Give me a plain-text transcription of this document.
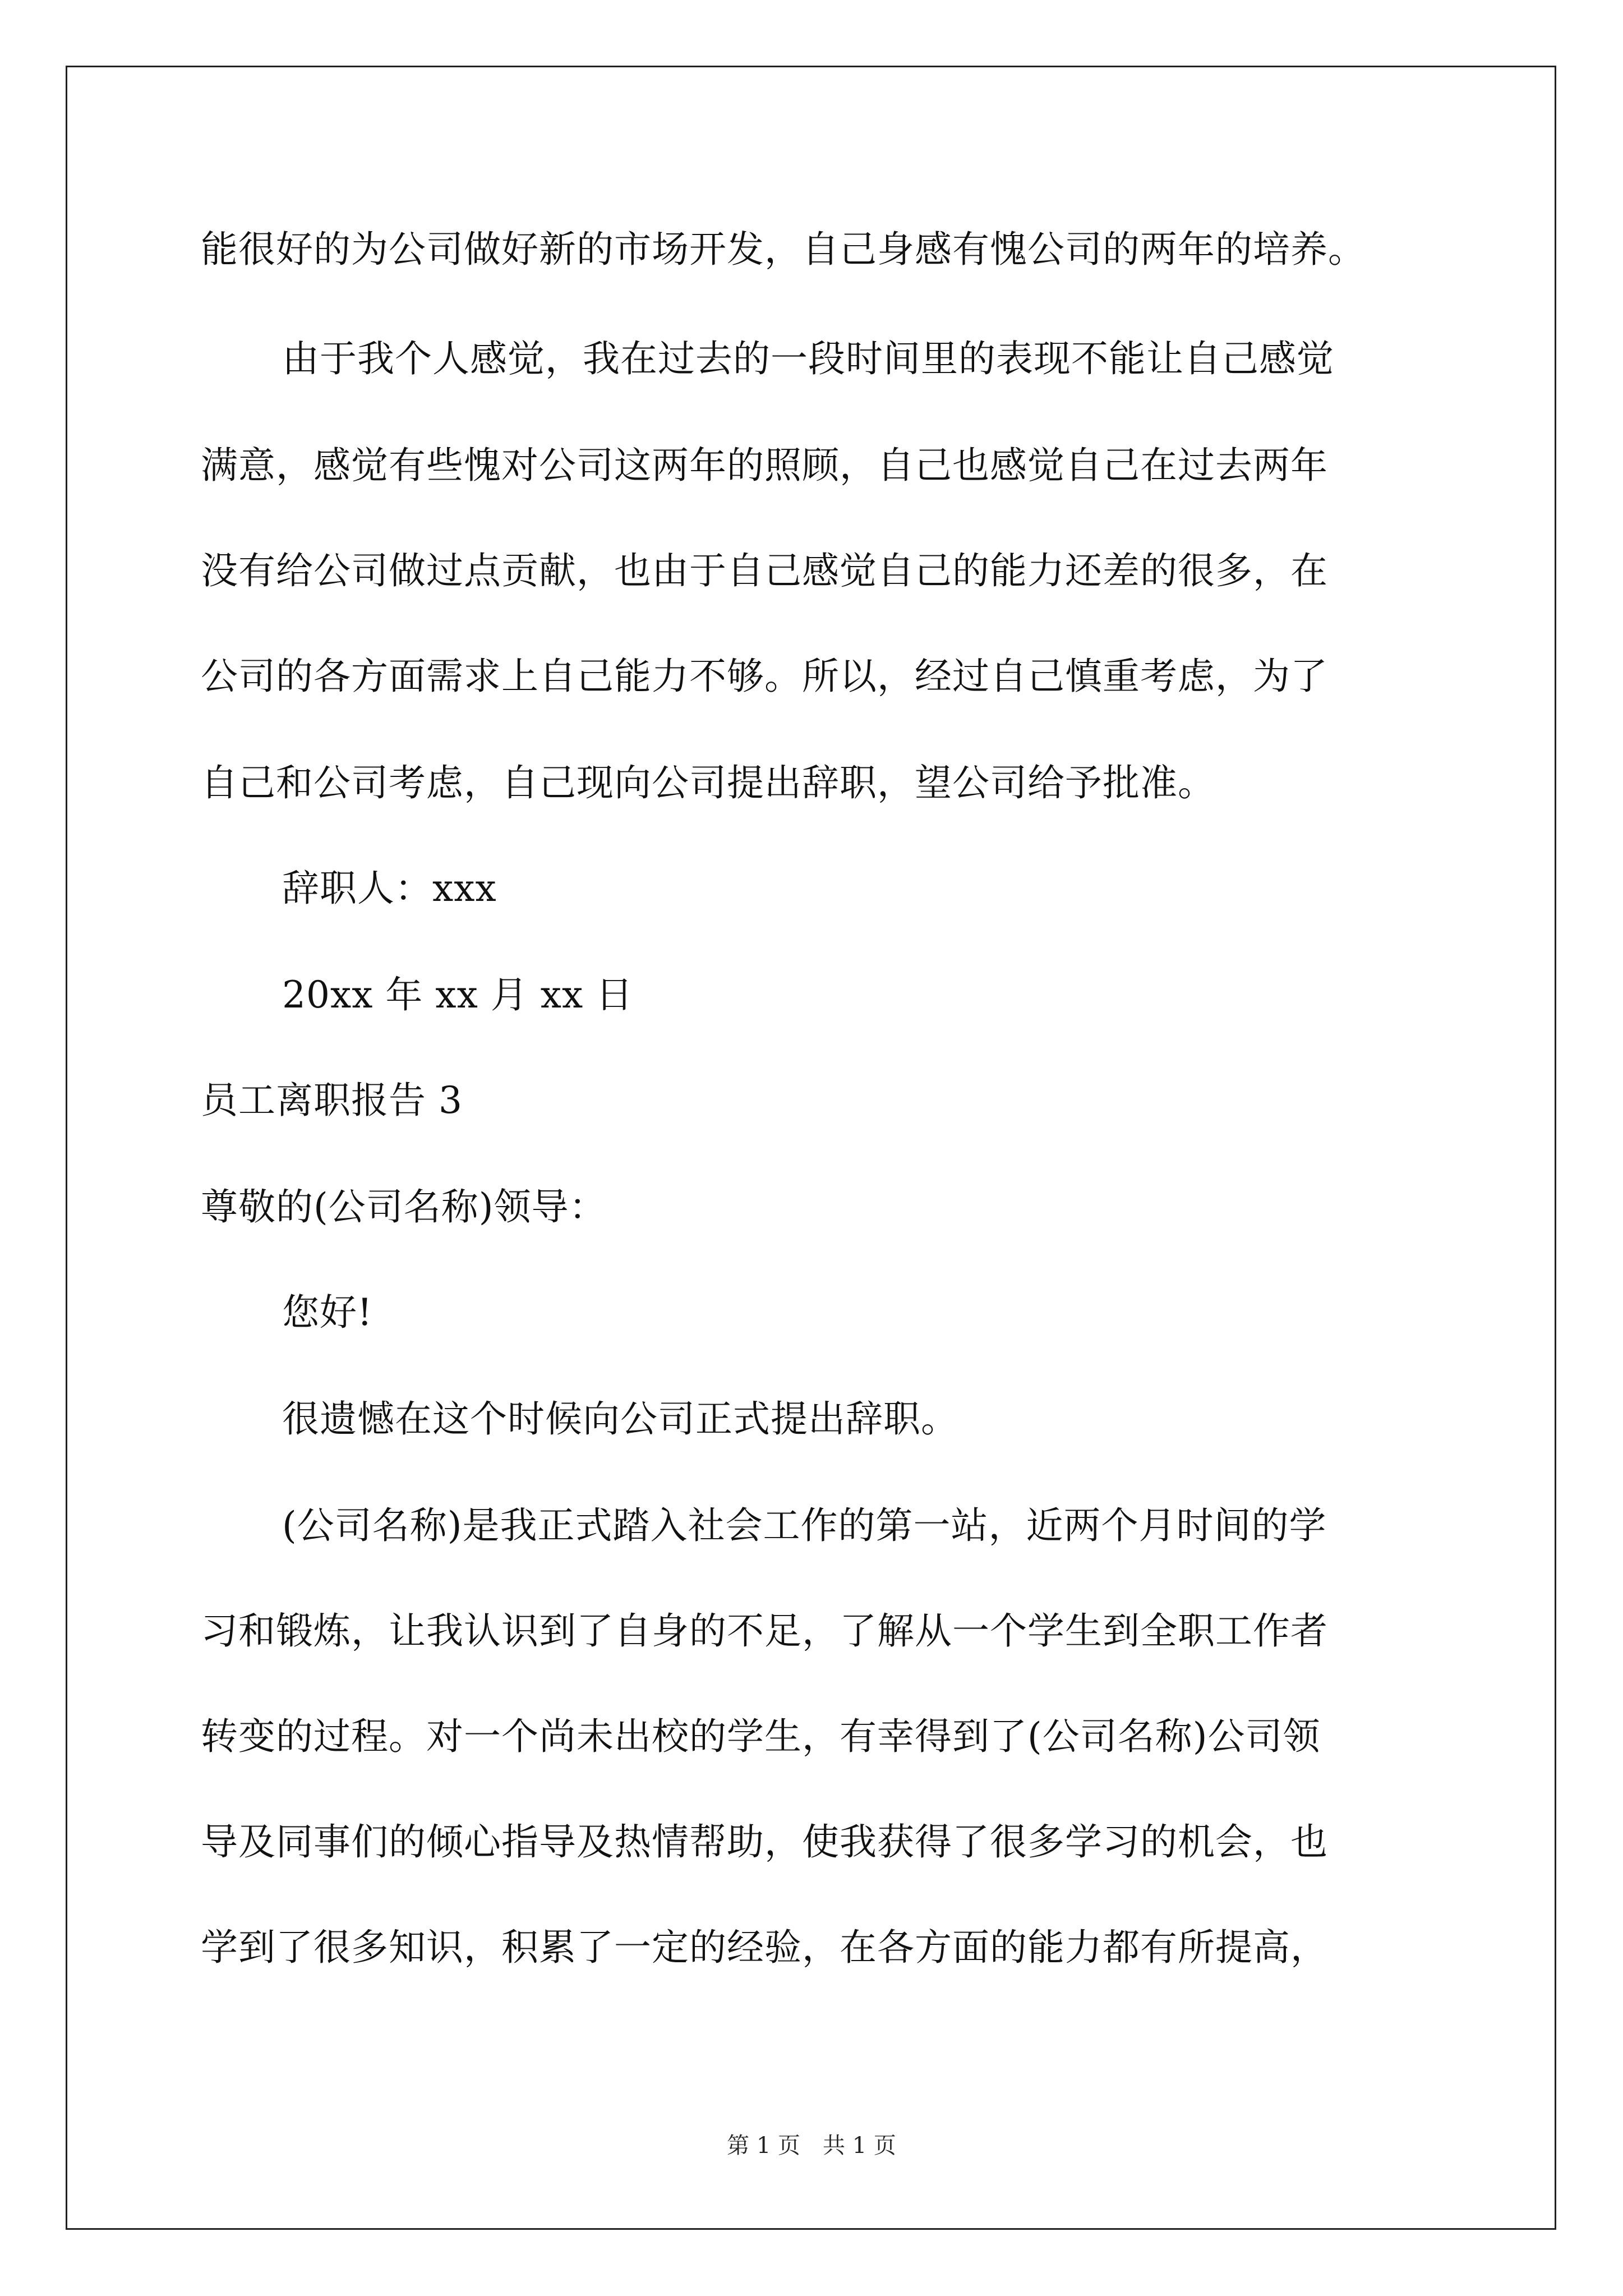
能很好的为公司做好新的市场开发，自己身感有愧公司的两年的培养。
由于我个人感觉，我在过去的一段时间里的表现不能让自己感觉
满意，感觉有些愧对公司这两年的照顾，自己也感觉自己在过去两年
没有给公司做过点贡献，也由于自己感觉自己的能力还差的很多，在
公司的各方面需求上自己能力不够。所以，经过自己慎重考虑，为了
自己和公司考虑，自己现向公司提出辞职，望公司给予批准。
辞职人：xxx
20xx 年 xx 月 xx 日
员工离职报告 3
尊敬的(公司名称)领导：
您好!
很遗憾在这个时候向公司正式提出辞职。
(公司名称)是我正式踏入社会工作的第一站，近两个月时间的学
习和锻炼，让我认识到了自身的不足，了解从一个学生到全职工作者
转变的过程。对一个尚未出校的学生，有幸得到了(公司名称)公司领
导及同事们的倾心指导及热情帮助，使我获得了很多学习的机会，也
学到了很多知识，积累了一定的经验，在各方面的能力都有所提高，
第 1 页 共 1 页
